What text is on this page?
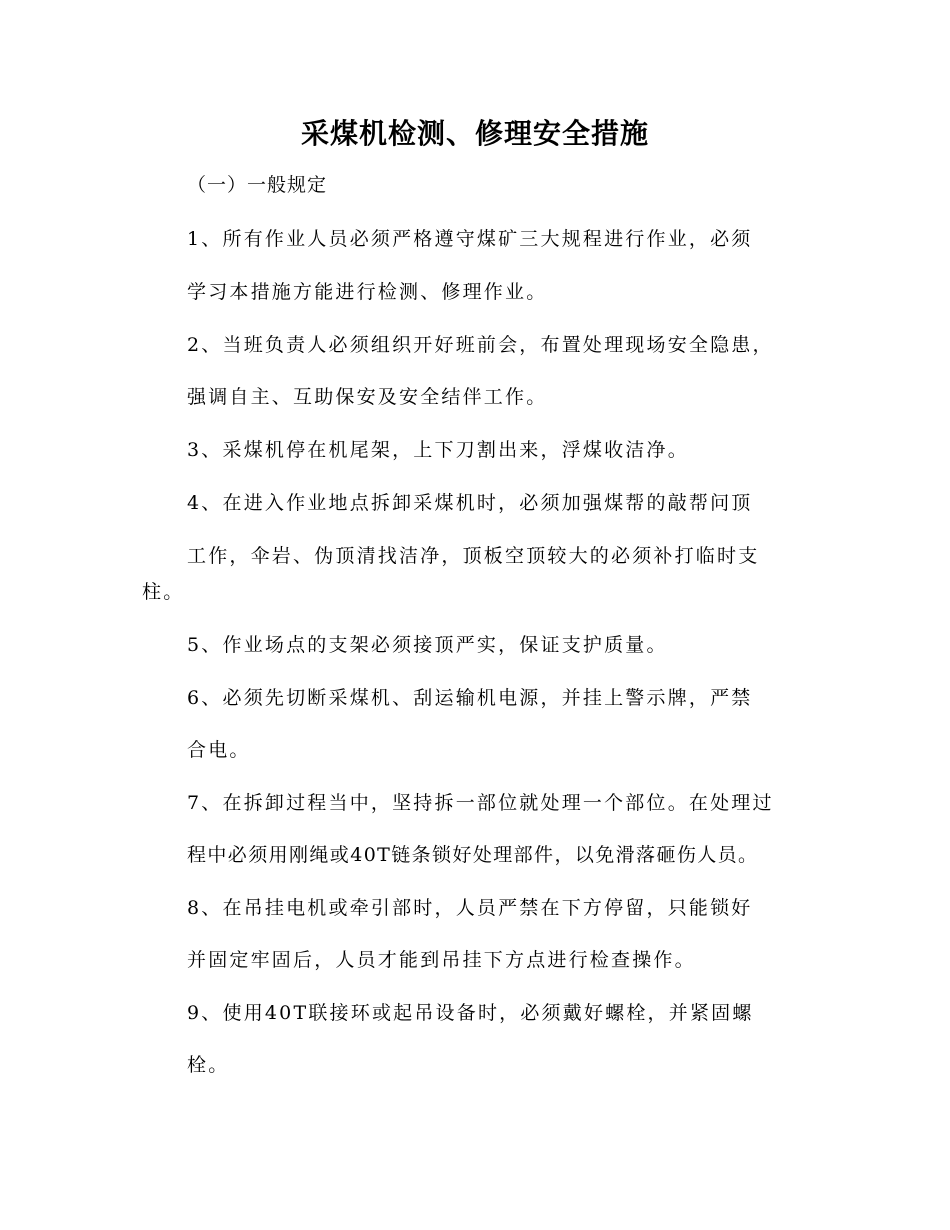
采煤机检测、修理安全措施
（一）一般规定
1、所有作业人员必须严格遵守煤矿三大规程进行作业，必须
学习本措施方能进行检测、修理作业。
2、当班负责人必须组织开好班前会，布置处理现场安全隐患，
强调自主、互助保安及安全结伴工作。
3、采煤机停在机尾架，上下刀割出来，浮煤收洁净。
4、在进入作业地点拆卸采煤机时，必须加强煤帮的敲帮问顶
工作，伞岩、伪顶清找洁净，顶板空顶较大的必须补打临时支
柱。
5、作业场点的支架必须接顶严实，保证支护质量。
6、必须先切断采煤机、刮运输机电源，并挂上警示牌，严禁
合电。
7、在拆卸过程当中，坚持拆一部位就处理一个部位。在处理过
程中必须用刚绳或40T链条锁好处理部件，以免滑落砸伤人员。
8、在吊挂电机或牵引部时，人员严禁在下方停留，只能锁好
并固定牢固后，人员才能到吊挂下方点进行检查操作。
9、使用40T联接环或起吊设备时，必须戴好螺栓，并紧固螺
栓。
